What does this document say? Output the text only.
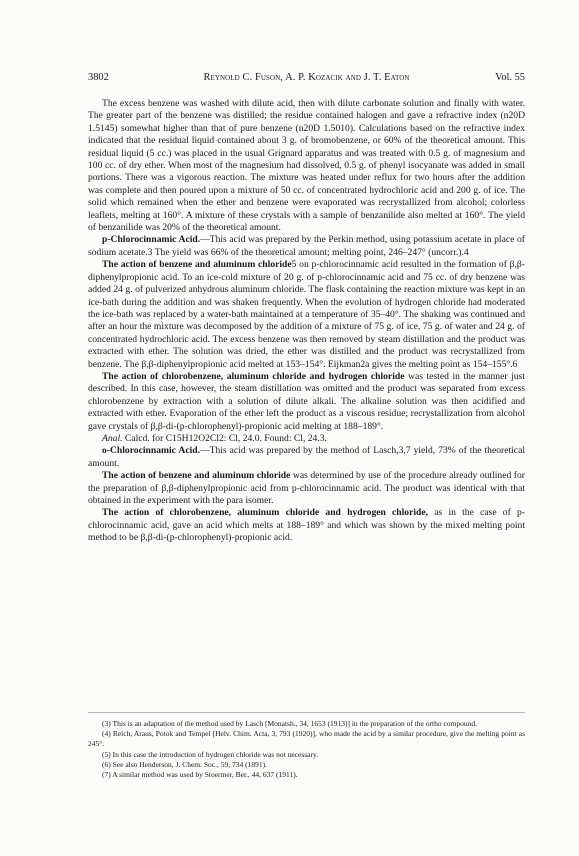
3802	Reynold C. Fuson, A. P. Kozacik and J. T. Eaton	Vol. 55

The excess benzene was washed with dilute acid, then with dilute carbonate solution and finally with water. The greater part of the benzene was distilled; the residue contained halogen and gave a refractive index (n20D 1.5145) somewhat higher than that of pure benzene (n20D 1.5010). Calculations based on the refractive index indicated that the residual liquid contained about 3 g. of bromobenzene, or 60% of the theoretical amount. This residual liquid (5 cc.) was placed in the usual Grignard apparatus and was treated with 0.5 g. of magnesium and 100 cc. of dry ether. When most of the magnesium had dissolved, 0.5 g. of phenyl isocyanate was added in small portions. There was a vigorous reaction. The mixture was heated under reflux for two hours after the addition was complete and then poured upon a mixture of 50 cc. of concentrated hydrochloric acid and 200 g. of ice. The solid which remained when the ether and benzene were evaporated was recrystallized from alcohol; colorless leaflets, melting at 160°. A mixture of these crystals with a sample of benzanilide also melted at 160°. The yield of benzanilide was 20% of the theoretical amount.

p-Chlorocinnamic Acid.—This acid was prepared by the Perkin method, using potassium acetate in place of sodium acetate.3 The yield was 66% of the theoretical amount; melting point, 246–247° (uncorr.).4

The action of benzene and aluminum chloride5 on p-chlorocinnamic acid resulted in the formation of β,β-diphenylpropionic acid. To an ice-cold mixture of 20 g. of p-chlorocinnamic acid and 75 cc. of dry benzene was added 24 g. of pulverized anhydrous aluminum chloride. The flask containing the reaction mixture was kept in an ice-bath during the addition and was shaken frequently. When the evolution of hydrogen chloride had moderated the ice-bath was replaced by a water-bath maintained at a temperature of 35–40°. The shaking was continued and after an hour the mixture was decomposed by the addition of a mixture of 75 g. of ice, 75 g. of water and 24 g. of concentrated hydrochloric acid. The excess benzene was then removed by steam distillation and the product was extracted with ether. The solution was dried, the ether was distilled and the product was recrystallized from benzene. The β,β-diphenylpropionic acid melted at 153–154°. Eijkman2a gives the melting point as 154–155°.6

The action of chlorobenzene, aluminum chloride and hydrogen chloride was tested in the manner just described. In this case, however, the steam distillation was omitted and the product was separated from excess chlorobenzene by extraction with a solution of dilute alkali. The alkaline solution was then acidified and extracted with ether. Evaporation of the ether left the product as a viscous residue; recrystallization from alcohol gave crystals of β,β-di-(p-chlorophenyl)-propionic acid melting at 188–189°.

Anal. Calcd. for C15H12O2Cl2: Cl, 24.0. Found: Cl, 24.3.

o-Chlorocinnamic Acid.—This acid was prepared by the method of Lasch,3,7 yield, 73% of the theoretical amount.

The action of benzene and aluminum chloride was determined by use of the procedure already outlined for the preparation of β,β-diphenylpropionic acid from p-chlorocinnamic acid. The product was identical with that obtained in the experiment with the para isomer.

The action of chlorobenzene, aluminum chloride and hydrogen chloride, as in the case of p-chlorocinnamic acid, gave an acid which melts at 188–189° and which was shown by the mixed melting point method to be β,β-di-(p-chlorophenyl)-propionic acid.

(3) This is an adaptation of the method used by Lasch [Monatsh., 34, 1653 (1913)] in the preparation of the ortho compound.

(4) Reich, Araus, Potok and Tempel [Helv. Chim. Acta, 3, 793 (1920)], who made the acid by a similar procedure, give the melting point as 245°.

(5) In this case the introduction of hydrogen chloride was not necessary.

(6) See also Henderson, J. Chem. Soc., 59, 734 (1891).

(7) A similar method was used by Stoermer, Ber., 44, 637 (1911).
